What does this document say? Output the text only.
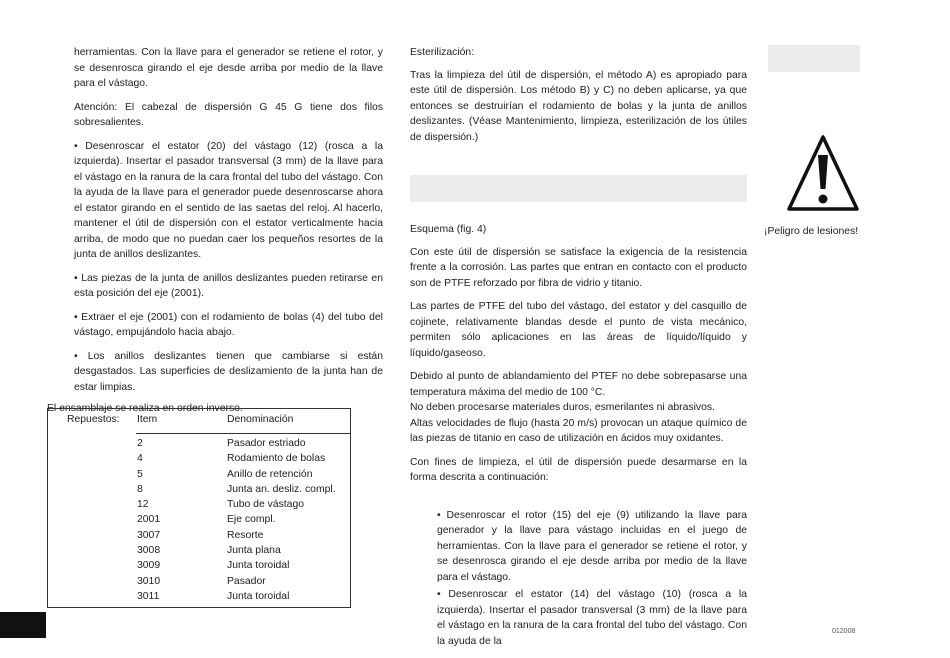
herramientas. Con la llave para el generador se retiene el rotor, y se desenrosca girando el eje desde arriba por medio de la llave para el vástago.

Atención: El cabezal de dispersión G 45 G tiene dos filos sobresalientes.

• Desenroscar el estator (20) del vástago (12) (rosca a la izquierda). Insertar el pasador transversal (3 mm) de la llave para el vástago en la ranura de la cara frontal del tubo del vástago. Con la ayuda de la llave para el generador puede desenroscarse ahora el estator girando en el sentido de las saetas del reloj. Al hacerlo, mantener el útil de dispersión con el estator verticalmente hacia arriba, de modo que no puedan caer los pequeños resortes de la junta de anillos deslizantes.

• Las piezas de la junta de anillos deslizantes pueden retirarse en esta posición del eje (2001).

• Extraer el eje (2001) con el rodamiento de bolas (4) del tubo del vástago, empujándolo hacia abajo.

• Los anillos deslizantes tienen que cambiarse si están desgastados. Las superficies de deslizamiento de la junta han de estar limpias.

El ensamblaje se realiza en orden inverso.

Repuestos: Item	Denominación
2	Pasador estriado
4	Rodamiento de bolas
5	Anillo de retención
8	Junta an. desliz. compl.
12	Tubo de vástago
2001	Eje compl.
3007	Resorte
3008	Junta plana
3009	Junta toroidal
3010	Pasador
3011	Junta toroidal

Esterilización:

Tras la limpieza del útil de dispersión, el método A) es apropiado para este útil de dispersión. Los método B) y C) no deben aplicarse, ya que entonces se destruirían el rodamiento de bolas y la junta de anillos deslizantes. (Véase Mantenimiento, limpieza, esterilización de los útiles de dispersión.)

Esquema (fig. 4)

Con este útil de dispersión se satisface la exigencia de la resistencia frente a la corrosión. Las partes que entran en contacto con el producto son de PTFE reforzado por fibra de vidrio y titanio.

Las partes de PTFE del tubo del vástago, del estator y del casquillo de cojinete, relativamente blandas desde el punto de vista mecánico, permiten sólo aplicaciones en las áreas de líquido/líquido y líquido/gaseoso.

Debido al punto de ablandamiento del PTEF no debe sobrepasarse una temperatura máxima del medio de 100 °C.
No deben procesarse materiales duros, esmerilantes ni abrasivos.
Altas velocidades de flujo (hasta 20 m/s) provocan un ataque químico de las piezas de titanio en caso de utilización en ácidos muy oxidantes.

Con fines de limpieza, el útil de dispersión puede desarmarse en la forma descrita a continuación:

• Desenroscar el rotor (15) del eje (9) utilizando la llave para generador y la llave para vástago incluidas en el juego de herramientas. Con la llave para el generador se retiene el rotor, y se desenrosca girando el eje desde arriba por medio de la llave para el vástago.

• Desenroscar el estator (14) del vástago (10) (rosca a la izquierda). Insertar el pasador transversal (3 mm) de la llave para el vástago en la ranura de la cara frontal del tubo del vástago. Con la ayuda de la

¡Peligro de lesiones!
012008
